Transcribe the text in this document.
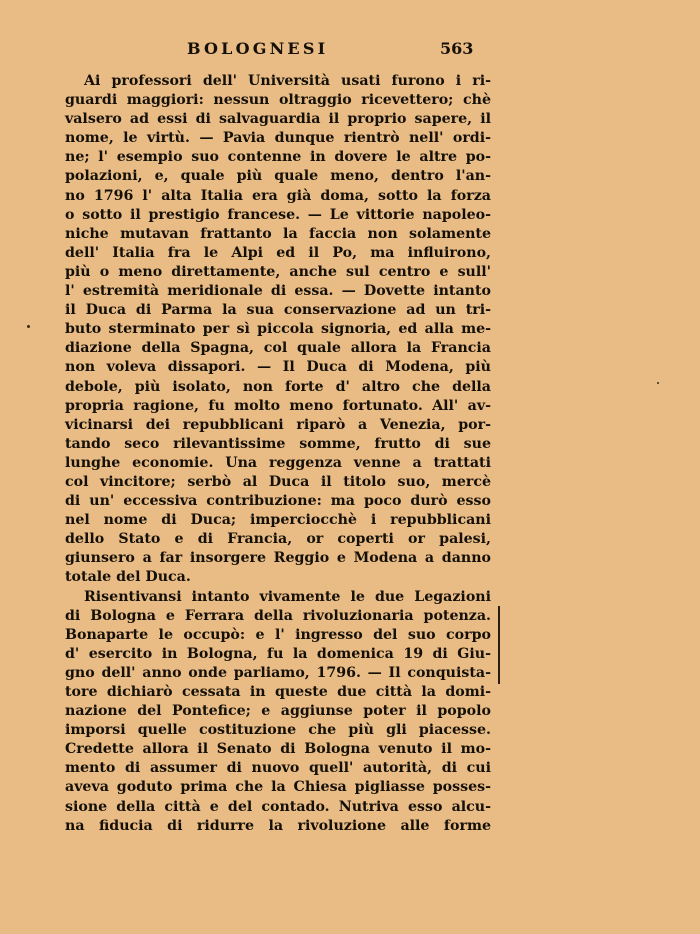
BOLOGNESI	563
Ai professori dell' Università usati furono i ri-
guardi maggiori: nessun oltraggio ricevettero; chè
valsero ad essi di salvaguardia il proprio sapere, il
nome, le virtù. — Pavia dunque rientrò nell' ordi-
ne; l' esempio suo contenne in dovere le altre po-
polazioni, e, quale più quale meno, dentro l'an-
no 1796 l' alta Italia era già doma, sotto la forza
o sotto il prestigio francese. — Le vittorie napoleo-
niche mutavan frattanto la faccia non solamente
dell' Italia fra le Alpi ed il Po, ma influirono,
più o meno direttamente, anche sul centro e sull'
l' estremità meridionale di essa. — Dovette intanto
il Duca di Parma la sua conservazione ad un tri-
buto sterminato per sì piccola signoria, ed alla me-
diazione della Spagna, col quale allora la Francia
non voleva dissapori. — Il Duca di Modena, più
debole, più isolato, non forte d' altro che della
propria ragione, fu molto meno fortunato. All' av-
vicinarsi dei repubblicani riparò a Venezia, por-
tando seco rilevantissime somme, frutto di sue
lunghe economie. Una reggenza venne a trattati
col vincitore; serbò al Duca il titolo suo, mercè
di un' eccessiva contribuzione: ma poco durò esso
nel nome di Duca; imperciocchè i repubblicani
dello Stato e di Francia, or coperti or palesi,
giunsero a far insorgere Reggio e Modena a danno
totale del Duca.
Risentivansi intanto vivamente le due Legazioni
di Bologna e Ferrara della rivoluzionaria potenza.
Bonaparte le occupò: e l' ingresso del suo corpo
d' esercito in Bologna, fu la domenica 19 di Giu-
gno dell' anno onde parliamo, 1796. — Il conquista-
tore dichiarò cessata in queste due città la domi-
nazione del Pontefice; e aggiunse poter il popolo
imporsi quelle costituzione che più gli piacesse.
Credette allora il Senato di Bologna venuto il mo-
mento di assumer di nuovo quell' autorità, di cui
aveva goduto prima che la Chiesa pigliasse posses-
sione della città e del contado. Nutriva esso alcu-
na fiducia di ridurre la rivoluzione alle forme
